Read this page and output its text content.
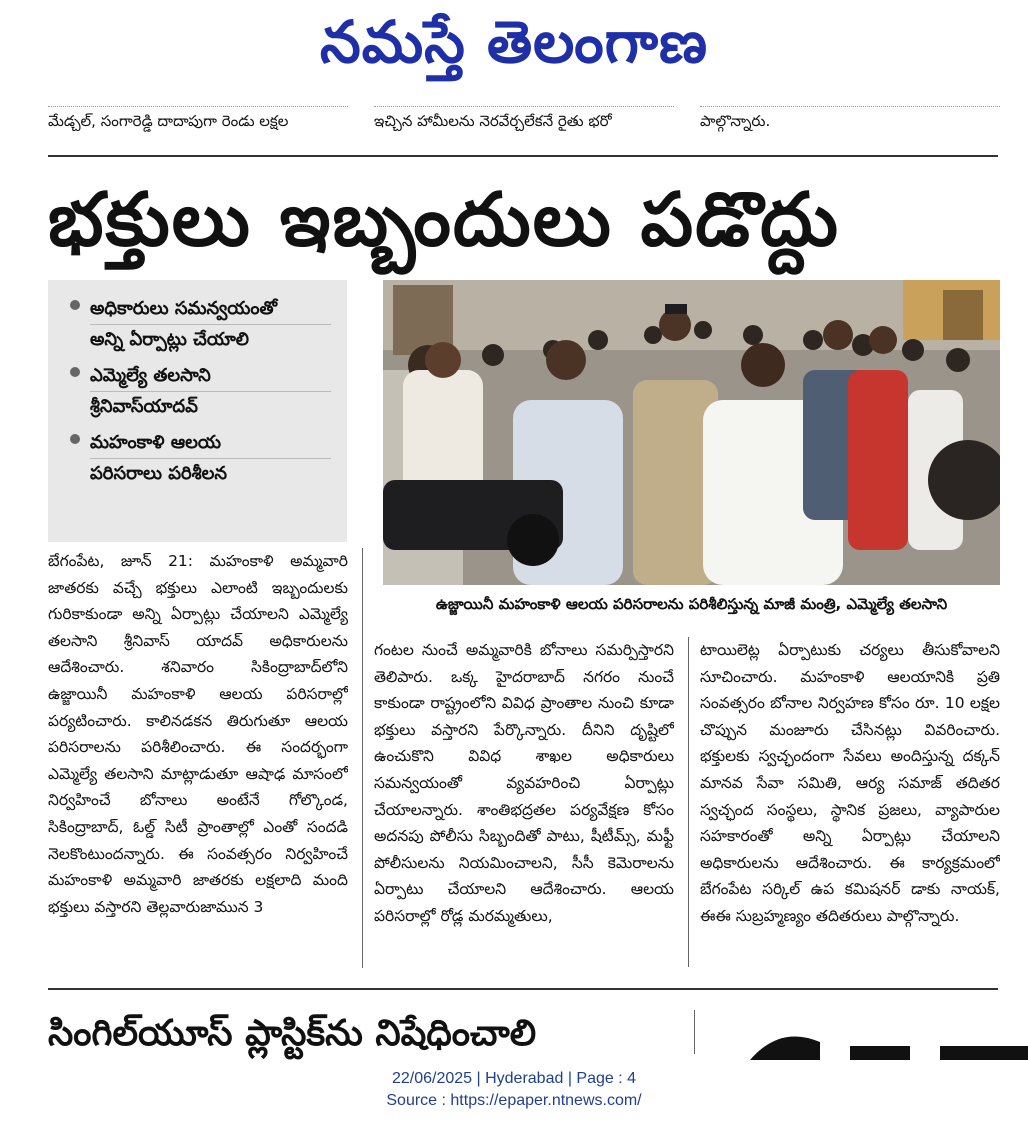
నమస్తే తెలంగాణ
మేడ్చల్, సంగారెడ్డి దాదాపుగా రెండు లక్షల	ఇచ్చిన హామీలను నెరవేర్చలేకనే రైతు భరో	పాల్గొన్నారు.
భక్తులు ఇబ్బందులు పడొద్దు
అధికారులు సమన్వయంతో
అన్ని ఏర్పాట్లు చేయాలి
ఎమ్మెల్యే తలసాని
శ్రీనివాస్‌యాదవ్
మహంకాళి ఆలయ
పరిసరాలు పరిశీలన
ఉజ్జాయినీ మహంకాళి ఆలయ పరిసరాలను పరిశీలిస్తున్న మాజీ మంత్రి, ఎమ్మెల్యే తలసాని

బేగంపేట, జూన్ 21: మహంకాళి అమ్మవారి జాతరకు వచ్చే భక్తులు ఎలాంటి ఇబ్బందులకు గురికాకుండా అన్ని ఏర్పాట్లు చేయాలని ఎమ్మెల్యే తలసాని శ్రీనివాస్ యాదవ్ అధికారులను ఆదేశించారు. శనివారం సికింద్రాబాద్‌లోని ఉజ్జాయినీ మహంకాళి ఆలయ పరిసరాల్లో పర్యటించారు. కాలినడకన తిరుగుతూ ఆలయ పరిసరాలను పరిశీలించారు. ఈ సందర్భంగా ఎమ్మెల్యే తలసాని మాట్లాడుతూ ఆషాఢ మాసంలో నిర్వహించే బోనాలు అంటేనే గోల్కొండ, సికింద్రాబాద్, ఓల్డ్ సిటీ ప్రాంతాల్లో ఎంతో సందడి నెలకొంటుందన్నారు. ఈ సంవత్సరం నిర్వహించే మహంకాళి అమ్మవారి జాతరకు లక్షలాది మంది భక్తులు వస్తారని తెల్లవారుజామున 3

గంటల నుంచే అమ్మవారికి బోనాలు సమర్పిస్తారని తెలిపారు. ఒక్క హైదరాబాద్ నగరం నుంచే కాకుండా రాష్ట్రంలోని వివిధ ప్రాంతాల నుంచి కూడా భక్తులు వస్తారని పేర్కొన్నారు. దీనిని దృష్టిలో ఉంచుకొని వివిధ శాఖల అధికారులు సమన్వయంతో వ్యవహరించి ఏర్పాట్లు చేయాలన్నారు. శాంతిభద్రతల పర్యవేక్షణ కోసం అదనపు పోలీసు సిబ్బందితో పాటు, షీటీమ్స్, మఫ్టీ పోలీసులను నియమించాలని, సీసీ కెమెరాలను ఏర్పాటు చేయాలని ఆదేశించారు. ఆలయ పరిసరాల్లో రోడ్ల మరమ్మతులు,

టాయిలెట్ల ఏర్పాటుకు చర్యలు తీసుకోవాలని సూచించారు. మహంకాళి ఆలయానికి ప్రతి సంవత్సరం బోనాల నిర్వహణ కోసం రూ. 10 లక్షల చొప్పున మంజూరు చేసినట్లు వివరించారు. భక్తులకు స్వచ్ఛందంగా సేవలు అందిస్తున్న దక్కన్ మానవ సేవా సమితి, ఆర్య సమాజ్ తదితర స్వచ్ఛంద సంస్థలు, స్థానిక ప్రజలు, వ్యాపారుల సహకారంతో అన్ని ఏర్పాట్లు చేయాలని అధికారులను ఆదేశించారు. ఈ కార్యక్రమంలో బేగంపేట సర్కిల్ ఉప కమిషనర్ డాకు నాయక్, ఈఈ సుబ్రహ్మణ్యం తదితరులు పాల్గొన్నారు.

సింగిల్‌యూస్ ప్లాస్టిక్‌ను నిషేధించాలి
22/06/2025 | Hyderabad | Page : 4
Source : https://epaper.ntnews.com/
